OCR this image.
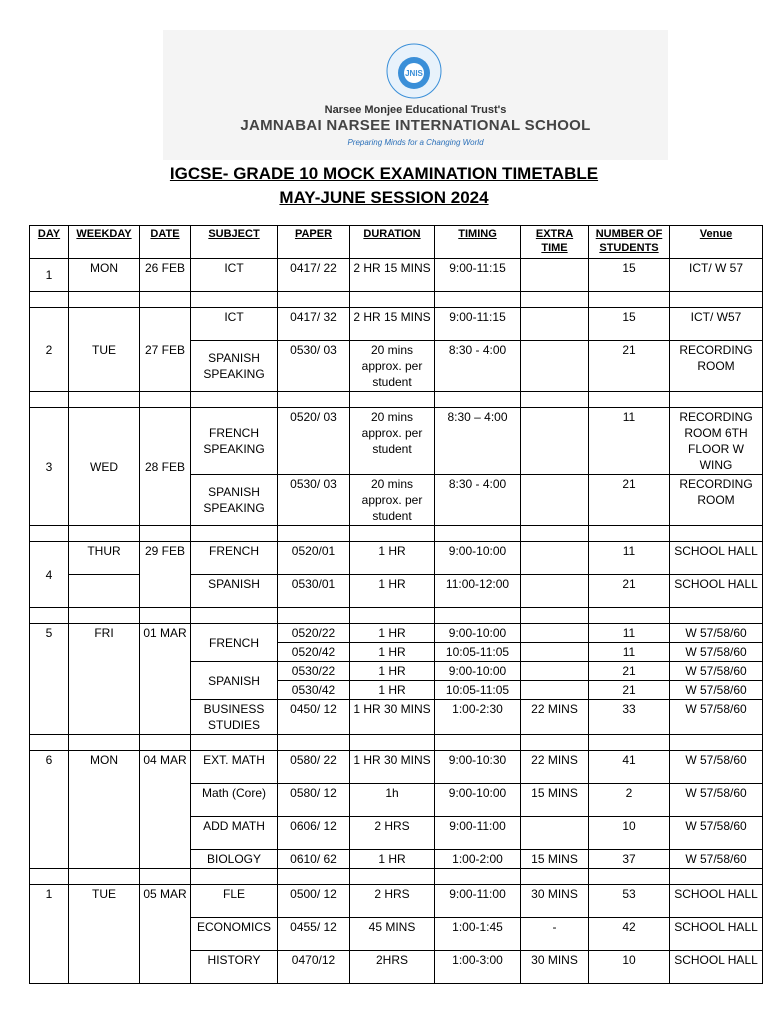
JNIS
Narsee Monjee Educational Trust's
JAMNABAI NARSEE INTERNATIONAL SCHOOL
Preparing Minds for a Changing World
IGCSE- GRADE 10 MOCK EXAMINATION TIMETABLE
MAY-JUNE SESSION 2024
DAY	WEEKDAY	DATE	SUBJECT	PAPER	DURATION	TIMING	EXTRA TIME	NUMBER OF STUDENTS	Venue
1	MON	26 FEB	ICT	0417/ 22	2 HR 15 MINS	9:00-11:15		15	ICT/ W 57

2	TUE	27 FEB	ICT	0417/ 32	2 HR 15 MINS	9:00-11:15		15	ICT/ W57
			SPANISH SPEAKING	0530/ 03	20 mins approx. per student	8:30 - 4:00		21	RECORDING ROOM

3	WED	28 FEB	FRENCH SPEAKING	0520/ 03	20 mins approx. per student	8:30 – 4:00		11	RECORDING ROOM 6TH FLOOR W WING
			SPANISH SPEAKING	0530/ 03	20 mins approx. per student	8:30 - 4:00		21	RECORDING ROOM

4	THUR	29 FEB	FRENCH	0520/01	1 HR	9:00-10:00		11	SCHOOL HALL
			SPANISH	0530/01	1 HR	11:00-12:00		21	SCHOOL HALL

5	FRI	01 MAR	FRENCH	0520/22	1 HR	9:00-10:00		11	W 57/58/60
				0520/42	1 HR	10:05-11:05		11	W 57/58/60
			SPANISH	0530/22	1 HR	9:00-10:00		21	W 57/58/60
				0530/42	1 HR	10:05-11:05		21	W 57/58/60
			BUSINESS STUDIES	0450/ 12	1 HR 30 MINS	1:00-2:30	22 MINS	33	W 57/58/60

6	MON	04 MAR	EXT. MATH	0580/ 22	1 HR 30 MINS	9:00-10:30	22 MINS	41	W 57/58/60
			Math (Core)	0580/ 12	1h	9:00-10:00	15 MINS	2	W 57/58/60
			ADD MATH	0606/ 12	2 HRS	9:00-11:00		10	W 57/58/60
			BIOLOGY	0610/ 62	1 HR	1:00-2:00	15 MINS	37	W 57/58/60

1	TUE	05 MAR	FLE	0500/ 12	2 HRS	9:00-11:00	30 MINS	53	SCHOOL HALL
			ECONOMICS	0455/ 12	45 MINS	1:00-1:45	-	42	SCHOOL HALL
			HISTORY	0470/12	2HRS	1:00-3:00	30 MINS	10	SCHOOL HALL
